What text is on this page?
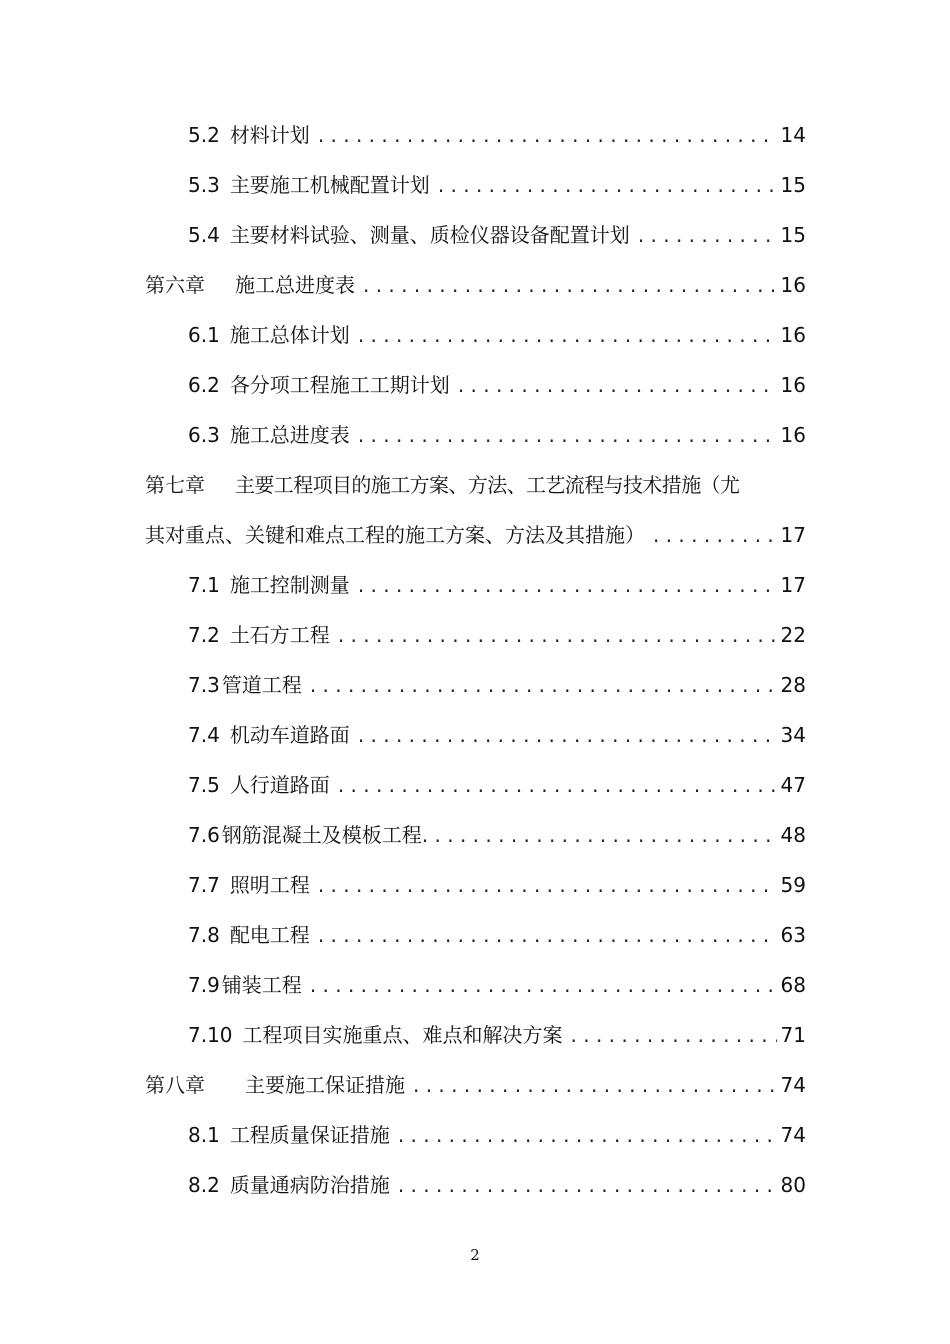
5.2 材料计划 . . .	14
5.3 主要施工机械配置计划 . . .	15
5.4 主要材料试验、测量、质检仪器设备配置计划 . . .	15
第六章	施工总进度表 . . .	16
6.1 施工总体计划 . . .	16
6.2 各分项工程施工工期计划 . . .	16
6.3 施工总进度表 . . .	16
第七章	主要工程项目的施工方案、方法、工艺流程与技术措施（尤
其对重点、关键和难点工程的施工方案、方法及其措施） . . .	17
7.1 施工控制测量 . . .	17
7.2 土石方工程 . . .	22
7.3 管道工程 . . .	28
7.4 机动车道路面 . . .	34
7.5 人行道路面 . . .	47
7.6 钢筋混凝土及模板工程 . . .	48
7.7 照明工程 . . .	59
7.8 配电工程 . . .	63
7.9 铺装工程 . . .	68
7.10 工程项目实施重点、难点和解决方案 . . .	71
第八章	主要施工保证措施 . . .	74
8.1 工程质量保证措施 . . .	74
8.2 质量通病防治措施 . . .	80
2
